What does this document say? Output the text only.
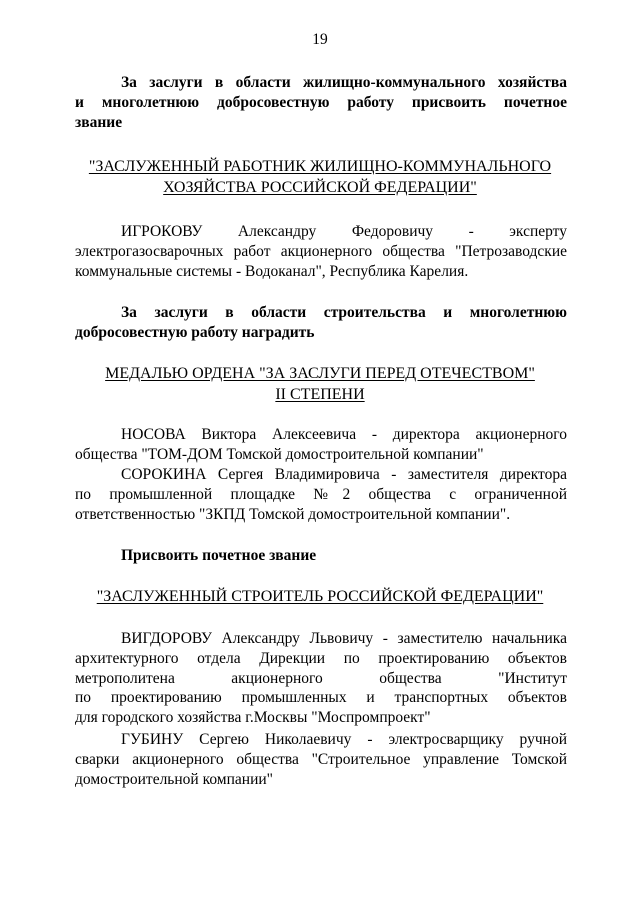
19
За заслуги в области жилищно-коммунального хозяйства
и многолетнюю добросовестную работу присвоить почетное
звание
"ЗАСЛУЖЕННЫЙ РАБОТНИК ЖИЛИЩНО-КОММУНАЛЬНОГО
ХОЗЯЙСТВА РОССИЙСКОЙ ФЕДЕРАЦИИ"
ИГРОКОВУ Александру Федоровичу - эксперту
электрогазосварочных работ акционерного общества "Петрозаводские
коммунальные системы - Водоканал", Республика Карелия.
За заслуги в области строительства и многолетнюю
добросовестную работу наградить
МЕДАЛЬЮ ОРДЕНА "ЗА ЗАСЛУГИ ПЕРЕД ОТЕЧЕСТВОМ"
II СТЕПЕНИ
НОСОВА Виктора Алексеевича - директора акционерного
общества "ТОМ-ДОМ Томской домостроительной компании"
СОРОКИНА Сергея Владимировича - заместителя директора
по промышленной площадке №2 общества с ограниченной
ответственностью "ЗКПД Томской домостроительной компании".
Присвоить почетное звание
"ЗАСЛУЖЕННЫЙ СТРОИТЕЛЬ РОССИЙСКОЙ ФЕДЕРАЦИИ"
ВИГДОРОВУ Александру Львовичу - заместителю начальника
архитектурного отдела Дирекции по проектированию объектов
метрополитена акционерного общества "Институт
по проектированию промышленных и транспортных объектов
для городского хозяйства г.Москвы "Моспромпроект"
ГУБИНУ Сергею Николаевичу - электросварщику ручной
сварки акционерного общества "Строительное управление Томской
домостроительной компании"
